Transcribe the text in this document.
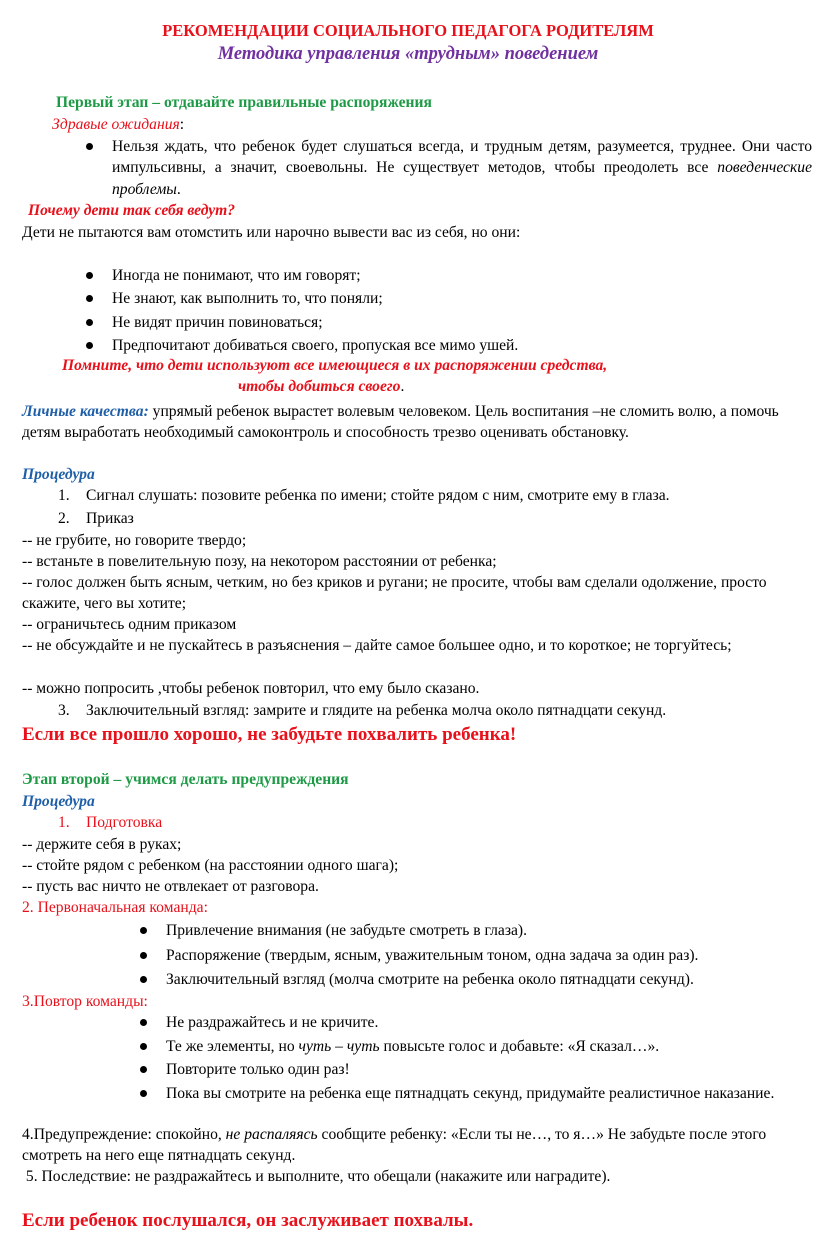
РЕКОМЕНДАЦИИ СОЦИАЛЬНОГО ПЕДАГОГА РОДИТЕЛЯМ
Методика управления «трудным» поведением
Первый этап – отдавайте правильные распоряжения
Здравые ожидания:
Нельзя ждать, что ребенок будет слушаться всегда, и трудным детям, разумеется, труднее. Они часто импульсивны, а значит, своевольны. Не существует методов, чтобы преодолеть все поведенческие проблемы.
Почему дети так себя ведут?
Дети не пытаются вам отомстить или нарочно вывести вас из себя, но они:
Иногда не понимают, что им говорят;
Не знают, как выполнить то, что поняли;
Не видят причин повиноваться;
Предпочитают добиваться своего, пропуская все мимо ушей.
Помните, что дети используют все имеющиеся в их распоряжении средства,
чтобы добиться своего.
Личные качества: упрямый ребенок вырастет волевым человеком. Цель воспитания –не сломить волю, а помочь детям выработать необходимый самоконтроль и способность трезво оценивать обстановку.
Процедура
1. Сигнал слушать: позовите ребенка по имени; стойте рядом с ним, смотрите ему в глаза.
2. Приказ
-- не грубите, но говорите твердо;
-- встаньте в повелительную позу, на некотором расстоянии от ребенка;
-- голос должен быть ясным, четким, но без криков и ругани; не просите, чтобы вам сделали одолжение, просто скажите, чего вы хотите;
-- ограничьтесь одним приказом
-- не обсуждайте и не пускайтесь в разъяснения – дайте самое большее одно, и то короткое; не торгуйтесь;
-- можно попросить ,чтобы ребенок повторил, что ему было сказано.
3. Заключительный взгляд: замрите и глядите на ребенка молча около пятнадцати секунд.
Если все прошло хорошо, не забудьте похвалить ребенка!
Этап второй – учимся делать предупреждения
Процедура
1. Подготовка
-- держите себя в руках;
-- стойте рядом с ребенком (на расстоянии одного шага);
-- пусть вас ничто не отвлекает от разговора.
2. Первоначальная команда:
Привлечение внимания (не забудьте смотреть в глаза).
Распоряжение (твердым, ясным, уважительным тоном, одна задача за один раз).
Заключительный взгляд (молча смотрите на ребенка около пятнадцати секунд).
3.Повтор команды:
Не раздражайтесь и не кричите.
Те же элементы, но чуть – чуть повысьте голос и добавьте: «Я сказал…».
Повторите только один раз!
Пока вы смотрите на ребенка еще пятнадцать секунд, придумайте реалистичное наказание.
4.Предупреждение: спокойно, не распаляясь сообщите ребенку: «Если ты не…, то я…» Не забудьте после этого смотреть на него еще пятнадцать секунд.
5. Последствие: не раздражайтесь и выполните, что обещали (накажите или наградите).
Если ребенок послушался, он заслуживает похвалы.
